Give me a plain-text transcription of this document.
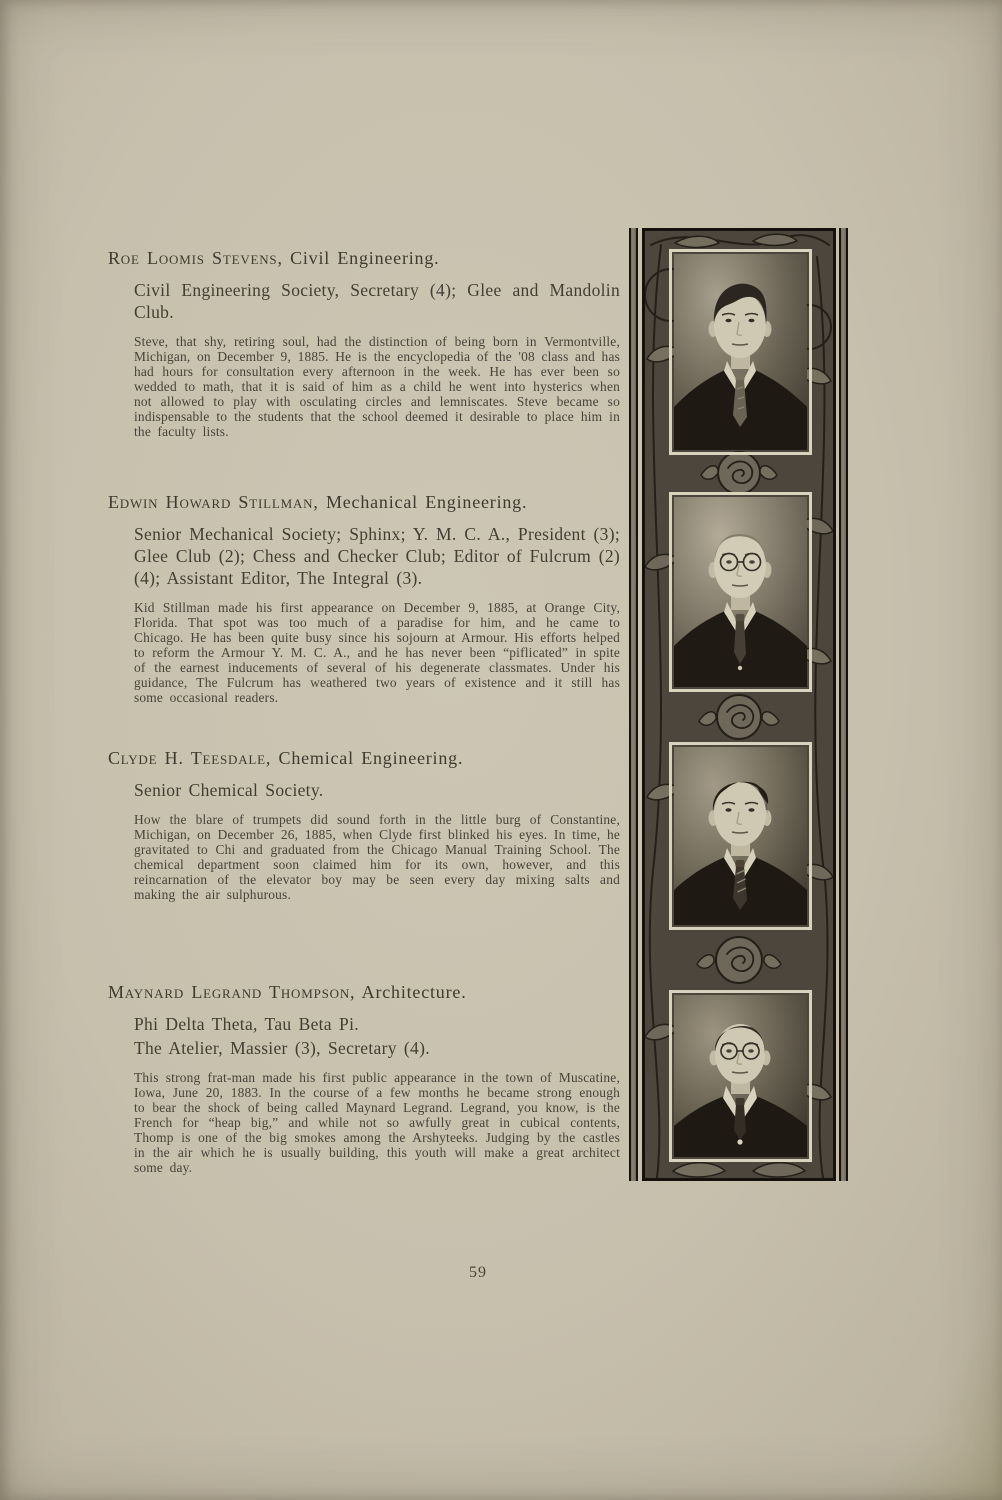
Roe Loomis Stevens, Civil Engineering.

Civil Engineering Society, Secretary (4); Glee and Mandolin Club.

Steve, that shy, retiring soul, had the distinction of being born in Vermontville, Michigan, on December 9, 1885. He is the encyclopedia of the '08 class and has had hours for consultation every afternoon in the week. He has ever been so wedded to math, that it is said of him as a child he went into hysterics when not allowed to play with osculating circles and lemniscates. Steve became so indispensable to the students that the school deemed it desirable to place him in the faculty lists.

Edwin Howard Stillman, Mechanical Engineering.

Senior Mechanical Society; Sphinx; Y. M. C. A., President (3); Glee Club (2); Chess and Checker Club; Editor of Fulcrum (2) (4); Assistant Editor, The Integral (3).

Kid Stillman made his first appearance on December 9, 1885, at Orange City, Florida. That spot was too much of a paradise for him, and he came to Chicago. He has been quite busy since his sojourn at Armour. His efforts helped to reform the Armour Y. M. C. A., and he has never been “piflicated” in spite of the earnest inducements of several of his degenerate classmates. Under his guidance, The Fulcrum has weathered two years of existence and it still has some occasional readers.

Clyde H. Teesdale, Chemical Engineering.

Senior Chemical Society.

How the blare of trumpets did sound forth in the little burg of Constantine, Michigan, on December 26, 1885, when Clyde first blinked his eyes. In time, he gravitated to Chi and graduated from the Chicago Manual Training School. The chemical department soon claimed him for its own, however, and this reincarnation of the elevator boy may be seen every day mixing salts and making the air sulphurous.

Maynard Legrand Thompson, Architecture.

Phi Delta Theta, Tau Beta Pi.

The Atelier, Massier (3), Secretary (4).

This strong frat-man made his first public appearance in the town of Muscatine, Iowa, June 20, 1883. In the course of a few months he became strong enough to bear the shock of being called Maynard Legrand. Legrand, you know, is the French for “heap big,” and while not so awfully great in cubical contents, Thomp is one of the big smokes among the Arshyteeks. Judging by the castles in the air which he is usually building, this youth will make a great architect some day.

59
